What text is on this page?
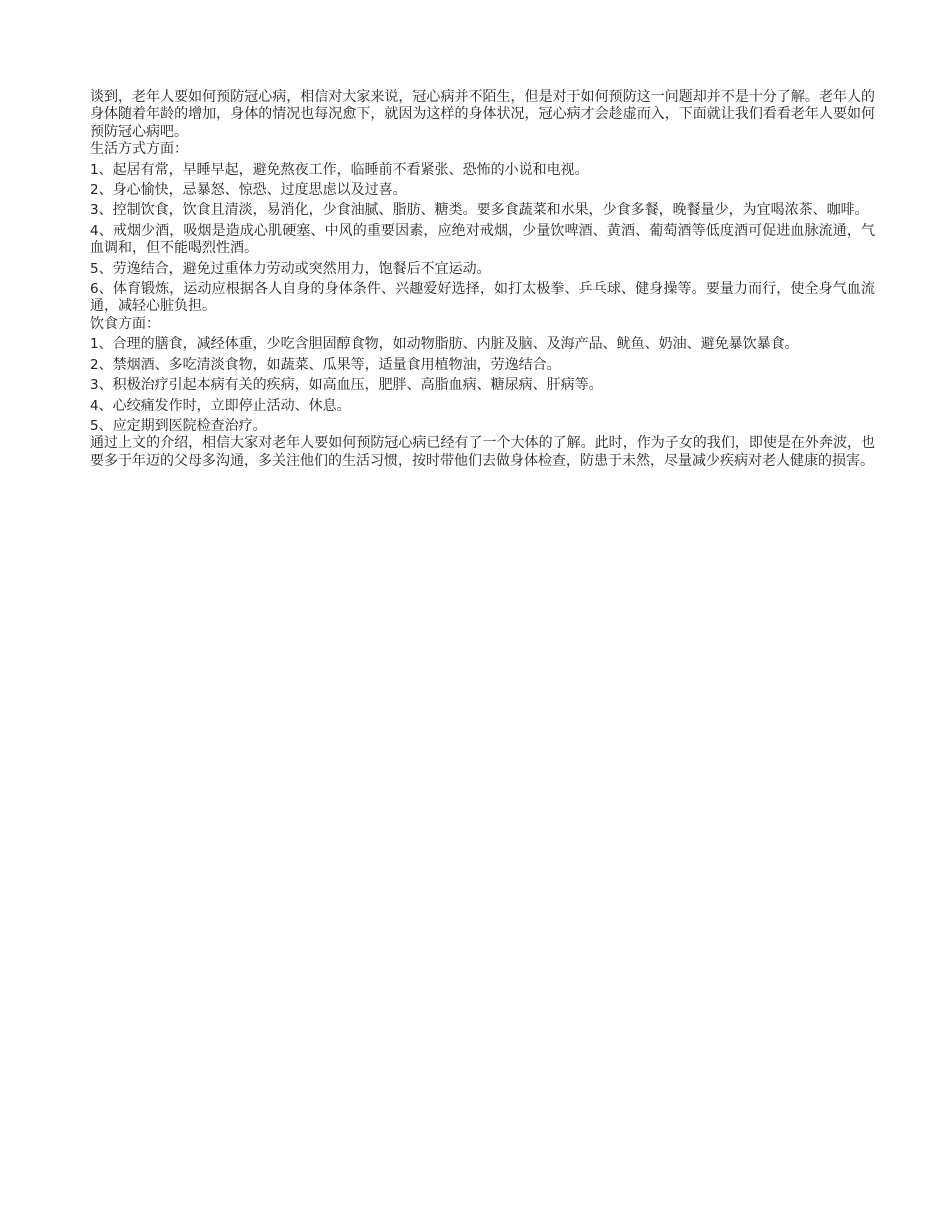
谈到，老年人要如何预防冠心病，相信对大家来说，冠心病并不陌生，但是对于如何预防这一问题却并不是十分了解。老年人的身体随着年龄的增加，身体的情况也每况愈下，就因为这样的身体状况，冠心病才会趁虚而入，下面就让我们看看老年人要如何预防冠心病吧。

生活方式方面：

1、起居有常，早睡早起，避免熬夜工作，临睡前不看紧张、恐怖的小说和电视。

2、身心愉快，忌暴怒、惊恐、过度思虑以及过喜。

3、控制饮食，饮食且清淡，易消化，少食油腻、脂肪、糖类。要多食蔬菜和水果，少食多餐，晚餐量少，为宜喝浓茶、咖啡。

4、戒烟少酒，吸烟是造成心肌硬塞、中风的重要因素，应绝对戒烟，少量饮啤酒、黄酒、葡萄酒等低度酒可促进血脉流通，气血调和，但不能喝烈性酒。

5、劳逸结合，避免过重体力劳动或突然用力，饱餐后不宜运动。

6、体育锻炼，运动应根据各人自身的身体条件、兴趣爱好选择，如打太极拳、乒乓球、健身操等。要量力而行，使全身气血流通，减轻心脏负担。

饮食方面：

1、合理的膳食，减经体重，少吃含胆固醇食物，如动物脂肪、内脏及脑、及海产品、鱿鱼、奶油、避免暴饮暴食。

2、禁烟酒、多吃清淡食物，如蔬菜、瓜果等，适量食用植物油，劳逸结合。

3、积极治疗引起本病有关的疾病，如高血压，肥胖、高脂血病、糖尿病、肝病等。

4、心绞痛发作时，立即停止活动、休息。

5、应定期到医院检查治疗。

通过上文的介绍，相信大家对老年人要如何预防冠心病已经有了一个大体的了解。此时，作为子女的我们，即使是在外奔波，也要多于年迈的父母多沟通，多关注他们的生活习惯，按时带他们去做身体检查，防患于未然，尽量减少疾病对老人健康的损害。
